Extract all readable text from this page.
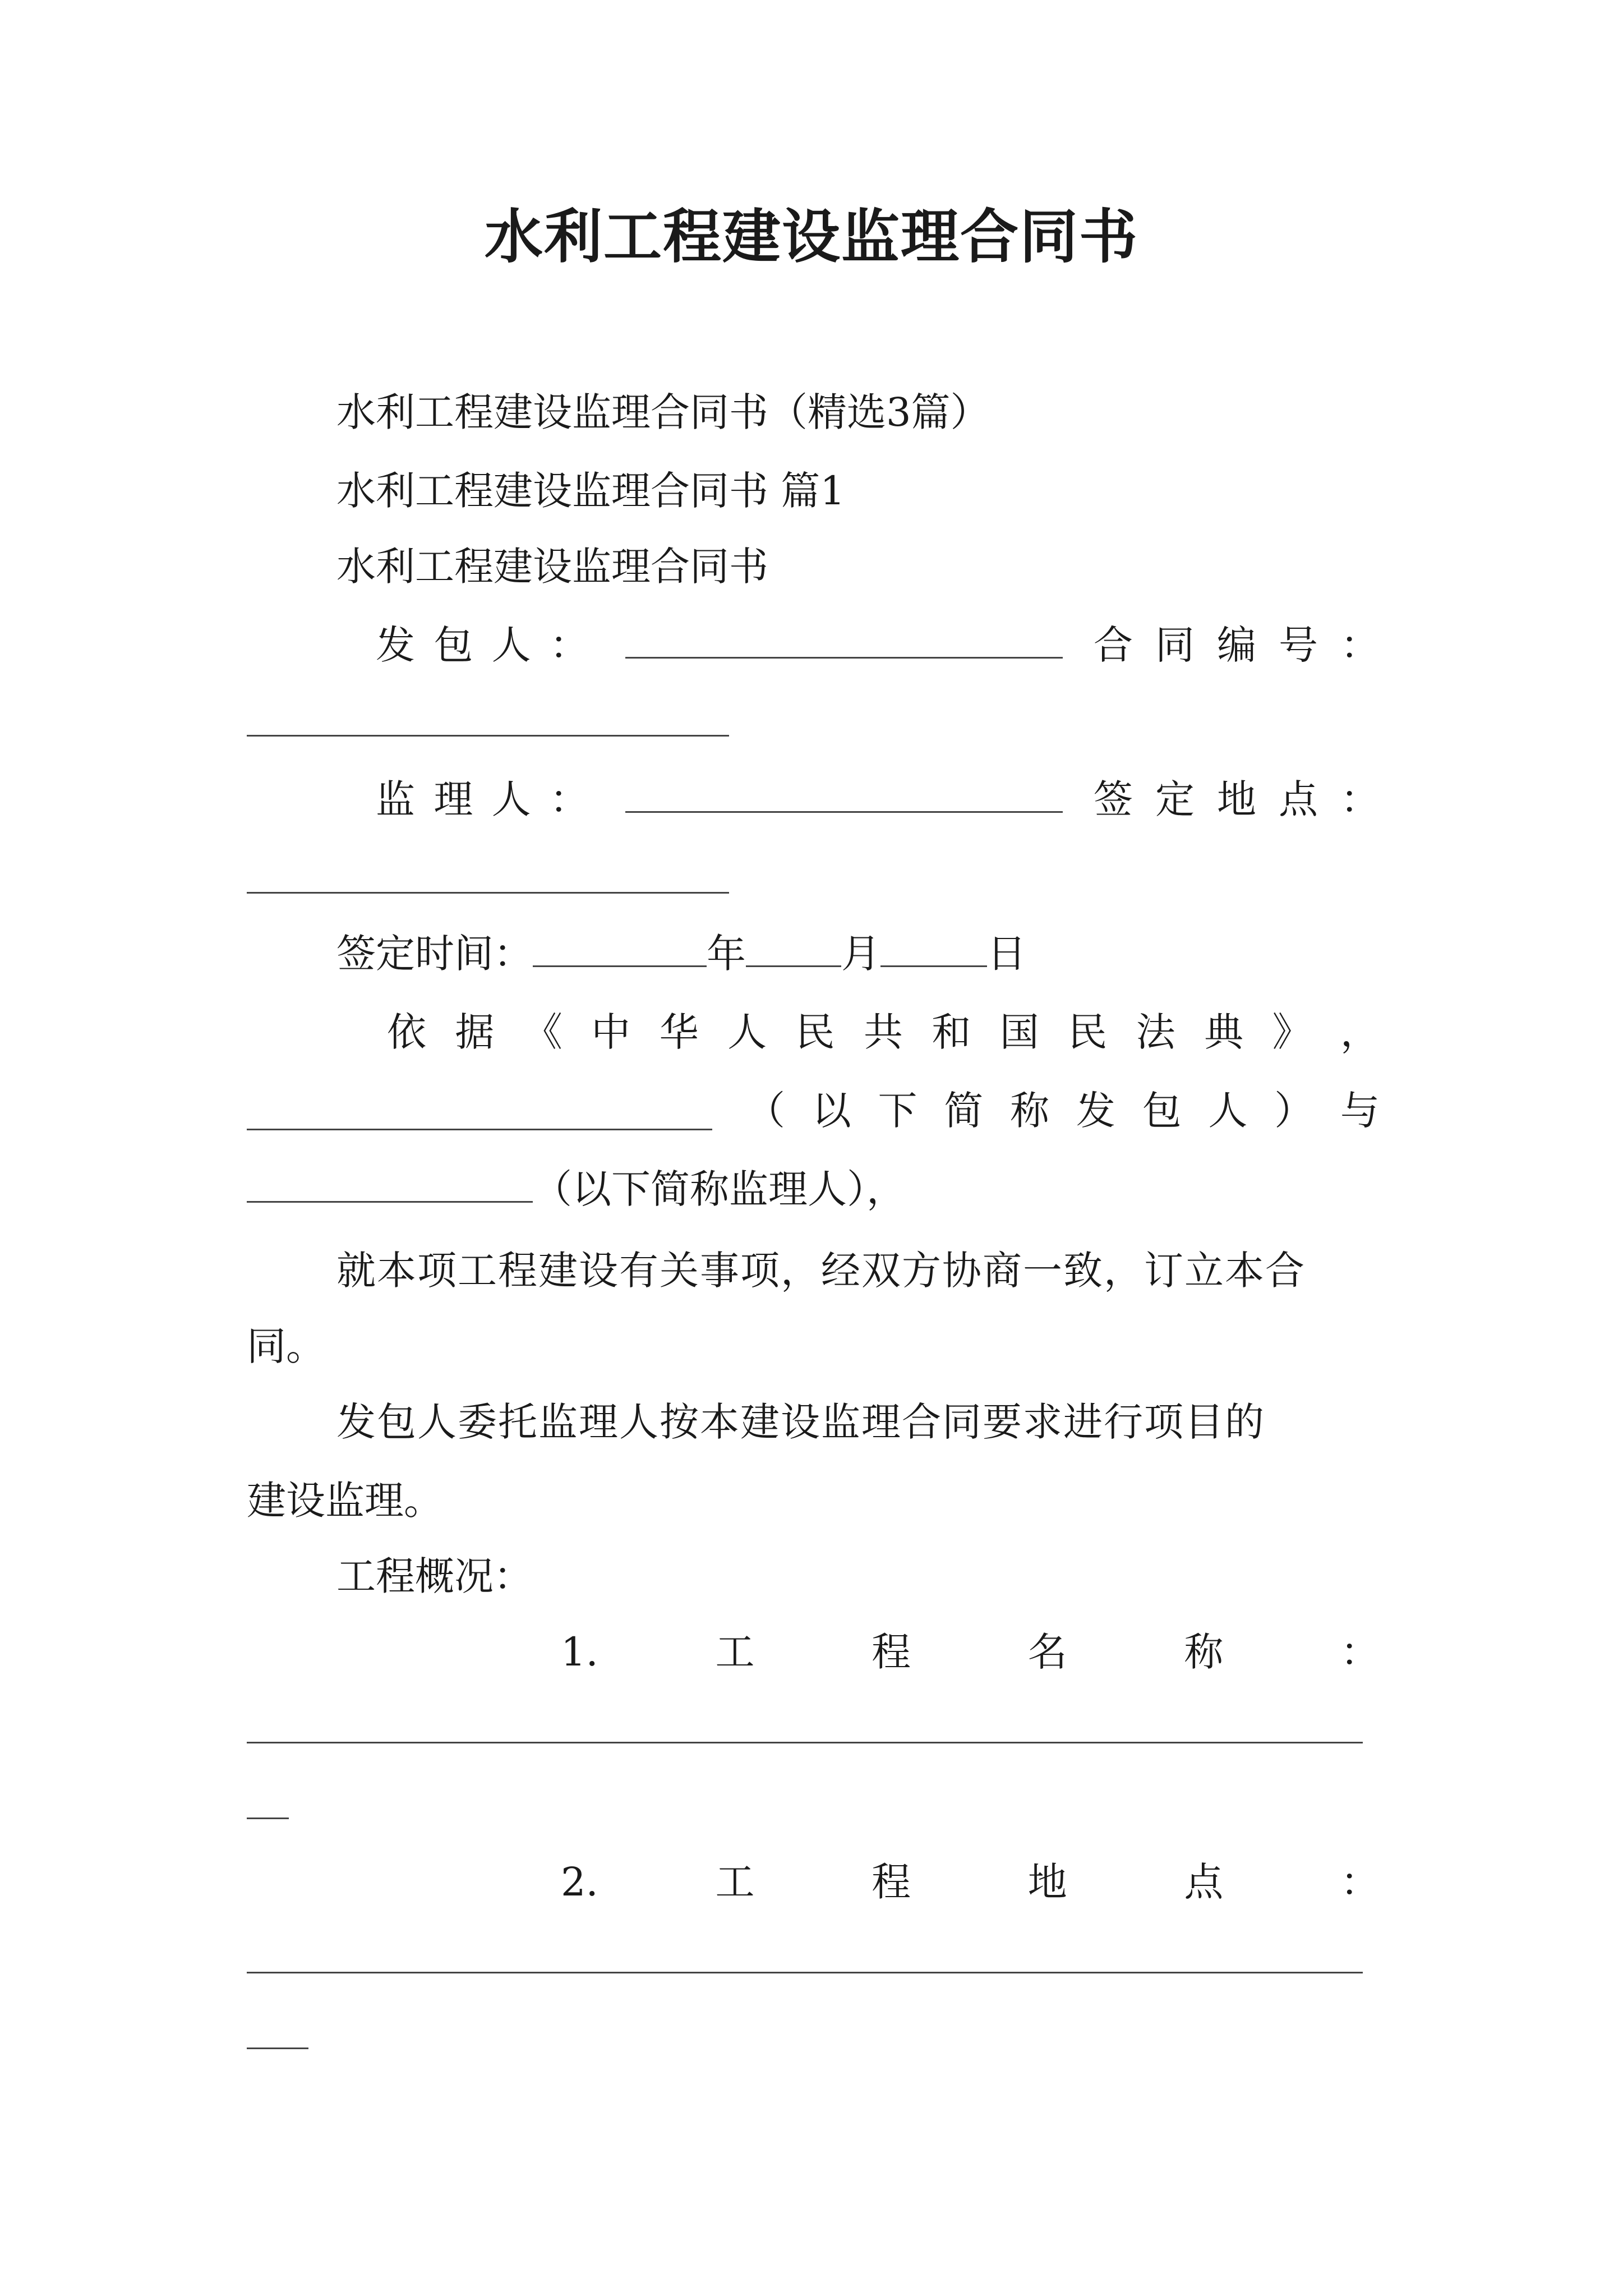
水利工程建设监理合同书
水利工程建设监理合同书（精选3篇）
水利工程建设监理合同书 篇1
水利工程建设监理合同书
发 包 人 ：	合 同 编 号 ：
监 理 人 ：	签 定 地 点 ：
签定时间：	年 月	日
依 据 《 中 华 人 民 共 和 国 民 法 典 》 ，
（ 以 下 简 称 发 包 人 ） 与
（以下简称监理人），
就本项工程建设有关事项，经双方协商一致，订立本合
同。
发包人委托监理人按本建设监理合同要求进行项目的
建设监理。
工程概况：
1.	工	程	名	称	：
2.	工	程	地	点	：
